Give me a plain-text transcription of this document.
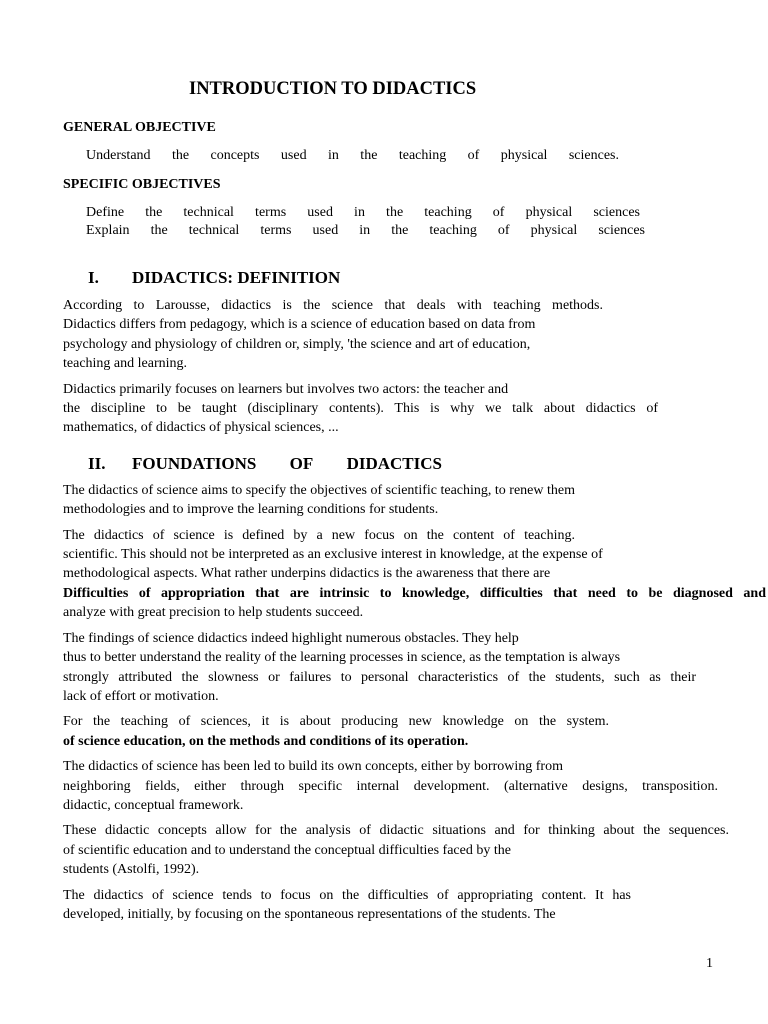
INTRODUCTION TO DIDACTICS
GENERAL OBJECTIVE
Understand the concepts used in the teaching of physical sciences.
SPECIFIC OBJECTIVES
Define the technical terms used in the teaching of physical sciences
Explain the technical terms used in the teaching of physical sciences
I.	DIDACTICS: DEFINITION
According to Larousse, didactics is the science that deals with teaching methods.
Didactics differs from pedagogy, which is a science of education based on data from
psychology and physiology of children or, simply, 'the science and art of education,
teaching and learning.
Didactics primarily focuses on learners but involves two actors: the teacher and
the discipline to be taught (disciplinary contents). This is why we talk about didactics of
mathematics, of didactics of physical sciences, ...
II.	FOUNDATIONS OF DIDACTICS
The didactics of science aims to specify the objectives of scientific teaching, to renew them
methodologies and to improve the learning conditions for students.
The didactics of science is defined by a new focus on the content of teaching.
scientific. This should not be interpreted as an exclusive interest in knowledge, at the expense of
methodological aspects. What rather underpins didactics is the awareness that there are
Difficulties of appropriation that are intrinsic to knowledge, difficulties that need to be diagnosed and
analyze with great precision to help students succeed.
The findings of science didactics indeed highlight numerous obstacles. They help
thus to better understand the reality of the learning processes in science, as the temptation is always
strongly attributed the slowness or failures to personal characteristics of the students, such as their
lack of effort or motivation.
For the teaching of sciences, it is about producing new knowledge on the system.
of science education, on the methods and conditions of its operation.
The didactics of science has been led to build its own concepts, either by borrowing from
neighboring fields, either through specific internal development. (alternative designs, transposition.
didactic, conceptual framework.
These didactic concepts allow for the analysis of didactic situations and for thinking about the sequences.
of scientific education and to understand the conceptual difficulties faced by the
students (Astolfi, 1992).
The didactics of science tends to focus on the difficulties of appropriating content. It has
developed, initially, by focusing on the spontaneous representations of the students. The
1
